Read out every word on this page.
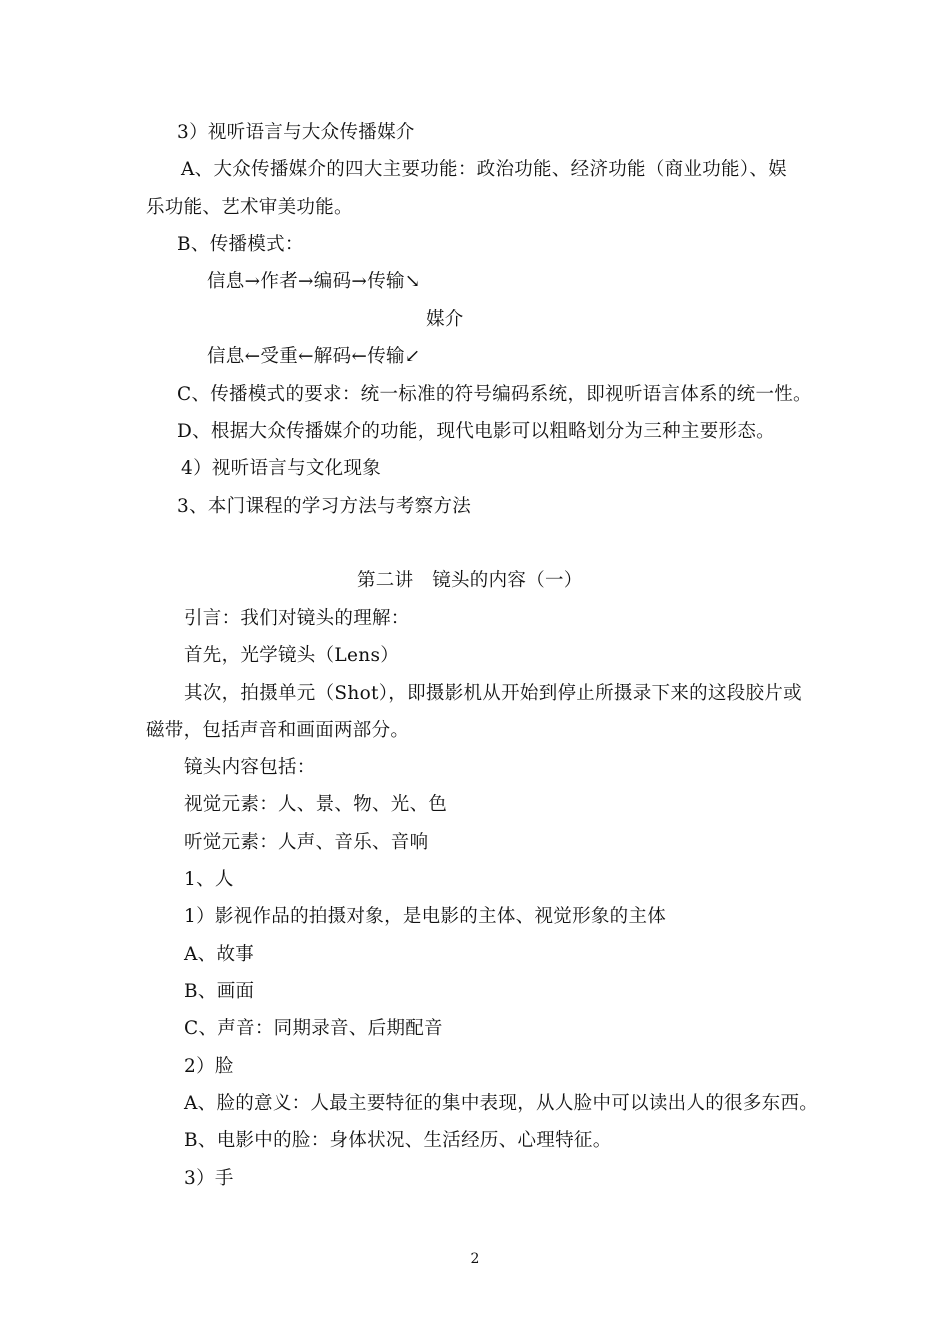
3）视听语言与大众传播媒介
A、大众传播媒介的四大主要功能：政治功能、经济功能（商业功能）、娱
乐功能、艺术审美功能。
B、传播模式：
信息→作者→编码→传输↘
媒介
信息←受重←解码←传输↙
C、传播模式的要求：统一标准的符号编码系统，即视听语言体系的统一性。
D、根据大众传播媒介的功能，现代电影可以粗略划分为三种主要形态。
4）视听语言与文化现象
3、本门课程的学习方法与考察方法
第二讲　镜头的内容（一）
引言：我们对镜头的理解：
首先，光学镜头（Lens）
其次，拍摄单元（Shot），即摄影机从开始到停止所摄录下来的这段胶片或
磁带，包括声音和画面两部分。
镜头内容包括：
视觉元素：人、景、物、光、色
听觉元素：人声、音乐、音响
1、人
1）影视作品的拍摄对象，是电影的主体、视觉形象的主体
A、故事
B、画面
C、声音：同期录音、后期配音
2）脸
A、脸的意义：人最主要特征的集中表现，从人脸中可以读出人的很多东西。
B、电影中的脸：身体状况、生活经历、心理特征。
3）手
2
